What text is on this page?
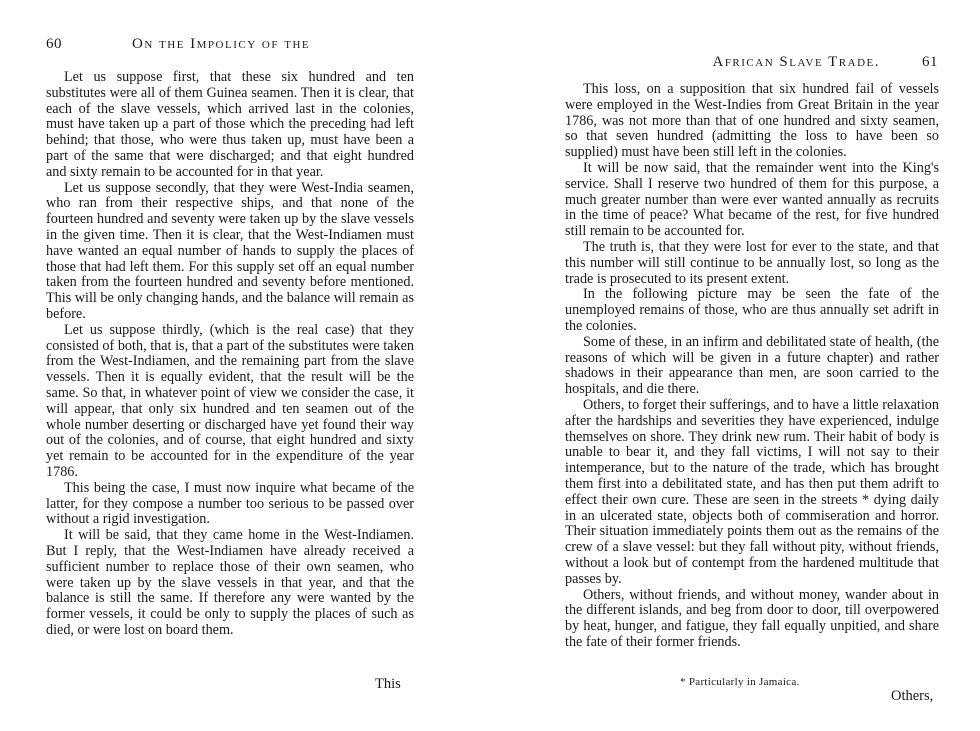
60	On the Impolicy of the

Let us suppose first, that these six hundred and ten substitutes were all of them Guinea seamen. Then it is clear, that each of the slave vessels, which arrived last in the colonies, must have taken up a part of those which the preceding had left behind; that those, who were thus taken up, must have been a part of the same that were discharged; and that eight hundred and sixty remain to be accounted for in that year.

Let us suppose secondly, that they were West-India seamen, who ran from their respective ships, and that none of the fourteen hundred and seventy were taken up by the slave vessels in the given time. Then it is clear, that the West-Indiamen must have wanted an equal number of hands to supply the places of those that had left them. For this supply set off an equal number taken from the fourteen hundred and seventy before mentioned. This will be only changing hands, and the balance will remain as before.

Let us suppose thirdly, (which is the real case) that they consisted of both, that is, that a part of the substitutes were taken from the West-Indiamen, and the remaining part from the slave vessels. Then it is equally evident, that the result will be the same. So that, in whatever point of view we consider the case, it will appear, that only six hundred and ten seamen out of the whole number deserting or discharged have yet found their way out of the colonies, and of course, that eight hundred and sixty yet remain to be accounted for in the expenditure of the year 1786.

This being the case, I must now inquire what became of the latter, for they compose a number too serious to be passed over without a rigid investigation.

It will be said, that they came home in the West-Indiamen. But I reply, that the West-Indiamen have already received a sufficient number to replace those of their own seamen, who were taken up by the slave vessels in that year, and that the balance is still the same. If therefore any were wanted by the former vessels, it could be only to supply the places of such as died, or were lost on board them.

This
African Slave Trade.	61

This loss, on a supposition that six hundred fail of vessels were employed in the West-Indies from Great Britain in the year 1786, was not more than that of one hundred and sixty seamen, so that seven hundred (admitting the loss to have been so supplied) must have been still left in the colonies.

It will be now said, that the remainder went into the King's service. Shall I reserve two hundred of them for this purpose, a much greater number than were ever wanted annually as recruits in the time of peace? What became of the rest, for five hundred still remain to be accounted for.

The truth is, that they were lost for ever to the state, and that this number will still continue to be annually lost, so long as the trade is prosecuted to its present extent.

In the following picture may be seen the fate of the unemployed remains of those, who are thus annually set adrift in the colonies.

Some of these, in an infirm and debilitated state of health, (the reasons of which will be given in a future chapter) and rather shadows in their appearance than men, are soon carried to the hospitals, and die there.

Others, to forget their sufferings, and to have a little relaxation after the hardships and severities they have experienced, indulge themselves on shore. They drink new rum. Their habit of body is unable to bear it, and they fall victims, I will not say to their intemperance, but to the nature of the trade, which has brought them first into a debilitated state, and has then put them adrift to effect their own cure. These are seen in the streets * dying daily in an ulcerated state, objects both of commiseration and horror. Their situation immediately points them out as the remains of the crew of a slave vessel: but they fall without pity, without friends, without a look but of contempt from the hardened multitude that passes by.

Others, without friends, and without money, wander about in the different islands, and beg from door to door, till overpowered by heat, hunger, and fatigue, they fall equally unpitied, and share the fate of their former friends.

* Particularly in Jamaica.
Others,
